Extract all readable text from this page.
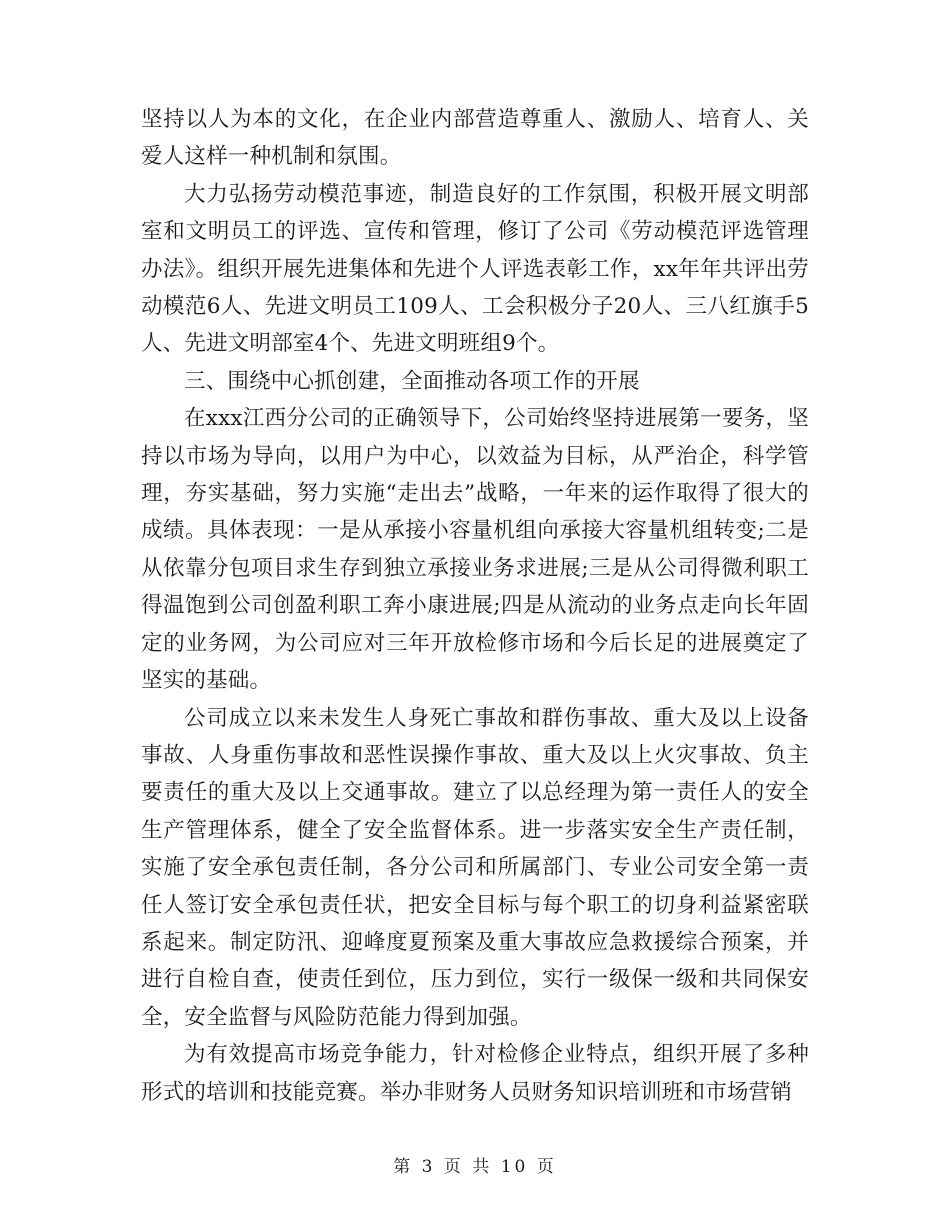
坚持以人为本的文化，在企业内部营造尊重人、激励人、培育人、关爱人这样一种机制和氛围。

大力弘扬劳动模范事迹，制造良好的工作氛围，积极开展文明部室和文明员工的评选、宣传和管理，修订了公司《劳动模范评选管理办法》。组织开展先进集体和先进个人评选表彰工作，xx年年共评出劳动模范6人、先进文明员工109人、工会积极分子20人、三八红旗手5人、先进文明部室4个、先进文明班组9个。

三、围绕中心抓创建，全面推动各项工作的开展

在xxx江西分公司的正确领导下，公司始终坚持进展第一要务，坚持以市场为导向，以用户为中心，以效益为目标，从严治企，科学管理，夯实基础，努力实施“走出去”战略，一年来的运作取得了很大的成绩。具体表现：一是从承接小容量机组向承接大容量机组转变;二是从依靠分包项目求生存到独立承接业务求进展;三是从公司得微利职工得温饱到公司创盈利职工奔小康进展;四是从流动的业务点走向长年固定的业务网，为公司应对三年开放检修市场和今后长足的进展奠定了坚实的基础。

公司成立以来未发生人身死亡事故和群伤事故、重大及以上设备事故、人身重伤事故和恶性误操作事故、重大及以上火灾事故、负主要责任的重大及以上交通事故。建立了以总经理为第一责任人的安全生产管理体系，健全了安全监督体系。进一步落实安全生产责任制，实施了安全承包责任制，各分公司和所属部门、专业公司安全第一责任人签订安全承包责任状，把安全目标与每个职工的切身利益紧密联系起来。制定防汛、迎峰度夏预案及重大事故应急救援综合预案，并进行自检自查，使责任到位，压力到位，实行一级保一级和共同保安全，安全监督与风险防范能力得到加强。

为有效提高市场竞争能力，针对检修企业特点，组织开展了多种形式的培训和技能竞赛。举办非财务人员财务知识培训班和市场营销

第 3 页 共 10 页
